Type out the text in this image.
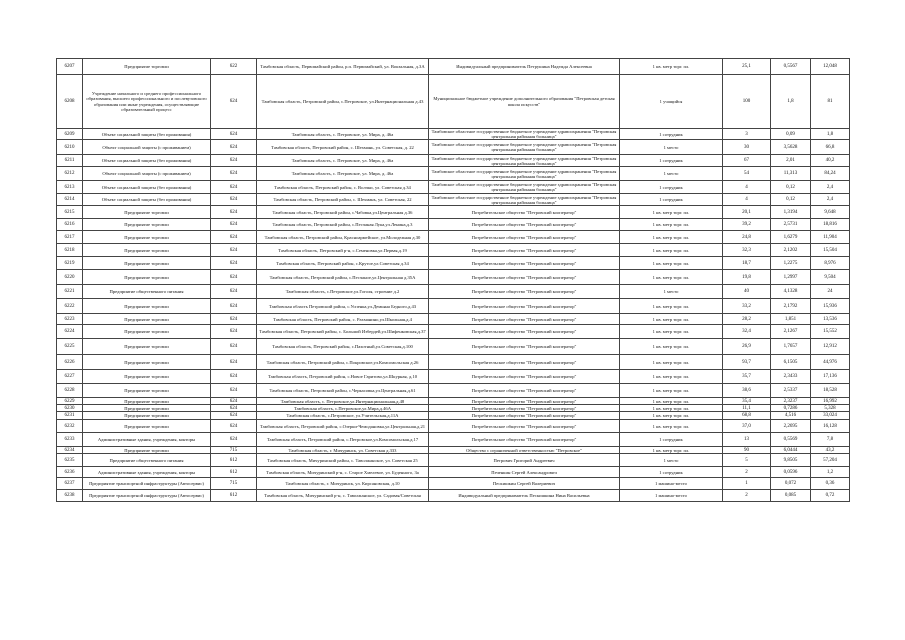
6207	Предприятие торговли	622	Тамбовская область, Первомайский район, р.п. Первомайский, ул. Вокзальная, д.3А	Индивидуальный предприниматель Петрушина Надежда Алексеевна	1 кв. метр торг. пл.	25,1	0,5567	12,048
6208	Учреждение начального и среднего профессионального образования, высшего профессионального и послевузовского образования или иные учреждения, осуществляющие образовательный процесс	624	Тамбовская область, Петровский район, с.Петровское, ул.Интернациональная д.43	Муниципальное бюджетное учреждение дополнительного образования "Петровская детская школа искусств"	1 учащийся	100	1,8	81
6209	Объект социальной защиты (без проживания)	624	Тамбовская область, с. Петровское, ул. Мира, д. 46а	Тамбовское областное государственное бюджетное учреждение здравоохранения "Петровская центральная районная больница"	1 сотрудник	3	0,09	1,8
6210	Объект социальной защиты (с проживанием)	624	Тамбовская область, Петровский район, с. Шехмань, ул. Советская, д. 22	Тамбовское областное государственное бюджетное учреждение здравоохранения "Петровская центральная районная больница"	1 место	30	3,5628	66,8
6211	Объект социальной защиты (без проживания)	624	Тамбовская область, с. Петровское, ул. Мира, д. 46а	Тамбовское областное государственное бюджетное учреждение здравоохранения "Петровская центральная районная больница"	1 сотрудник	67	2,01	40,2
6212	Объект социальной защиты (с проживанием)	624	Тамбовская область, с. Петровское, ул. Мира, д. 46а	Тамбовское областное государственное бюджетное учреждение здравоохранения "Петровская центральная районная больница"	1 место	54	11,313	84,24
6213	Объект социальной защиты (без проживания)	624	Тамбовская область, Петровский район, с. Волчки, ул. Советская д.34	Тамбовское областное государственное бюджетное учреждение здравоохранения "Петровская центральная районная больница"	1 сотрудник	4	0,12	2,4
6214	Объект социальной защиты (без проживания)	624	Тамбовская область, Петровский район, с. Шехмань, ул. Советская, 22	Тамбовское областное государственное бюджетное учреждение здравоохранения "Петровская центральная районная больница"	1 сотрудник	4	0,12	2,4
6215	Предприятие торговли	624	Тамбовская область, Петровский район, с.Чабовка,ул.Центральная д.36	Потребительское общество "Петровский кооператор"	1 кв. метр торг. пл.	20,1	1,3194	9,648
6216	Предприятие торговли	624	Тамбовская область, Петровский район, с.Песчаная Лука,ул.Ленина,д.3	Потребительское общество "Петровский кооператор"	1 кв. метр торг. пл.	39,2	2,5731	18,816
6217	Предприятие торговли	624	Тамбовская область, Петровский район, Красноармейское, ул.Молодежная д.30	Потребительское общество "Петровский кооператор"	1 кв. метр торг. пл.	24,8	1,6279	11,904
6218	Предприятие торговли	624	Тамбовская область, Петровский р-н, с.Семеновка,ул.Первая,д.19	Потребительское общество "Петровский кооператор"	1 кв. метр торг. пл.	32,3	2,1202	15,504
6219	Предприятие торговли	624	Тамбовская область, Петровский район, с.Крутое,ул.Советская д.34	Потребительское общество "Петровский кооператор"	1 кв. метр торг. пл.	18,7	1,2275	8,976
6220	Предприятие торговли	624	Тамбовская область, Петровский район, с.Песчаное,ул.Центральная д.35А	Потребительское общество "Петровский кооператор"	1 кв. метр торг. пл.	19,8	1,2997	9,504
6221	Предприятие общественного питания	624	Тамбовская область, с.Петровское,ул.Гоголя, строение д.2	Потребительское общество "Петровский кооператор"	1 место	40	4,1328	24
6222	Предприятие торговли	624	Тамбовская область Петровский район, с.Успенка,ул.Демьяна Бедного,д.43	Потребительское общество "Петровский кооператор"	1 кв. метр торг. пл.	33,2	2,1792	15,936
6223	Предприятие торговли	624	Тамбовская область, Петровский район, с. Рахманино,ул.Школьная,д.4	Потребительское общество "Петровский кооператор"	1 кв. метр торг. пл.	28,2	1,851	13,536
6224	Предприятие торговли	624	Тамбовская область, Петровский район, с. Большой Избердей,ул.Шифенковская,д.37	Потребительское общество "Петровский кооператор"	1 кв. метр торг. пл.	32,4	2,1267	15,552
6225	Предприятие торговли	624	Тамбовская область, Петровский район, с.Пахотный,ул.Советская,д.100	Потребительское общество "Петровский кооператор"	1 кв. метр торг. пл.	26,9	1,7657	12,912
6226	Предприятие торговли	624	Тамбовская область, Петровский район, с.Покровское,ул.Комсомольская д.26	Потребительское общество "Петровский кооператор"	1 кв. метр торг. пл.	93,7	6,1505	44,976
6227	Предприятие торговли	624	Тамбовская область, Петровский район, с.Новое Гаритово,ул.Шкурная, д.10	Потребительское общество "Петровский кооператор"	1 кв. метр торг. пл.	35,7	2,3433	17,136
6228	Предприятие торговли	624	Тамбовская область, Петровский район, с.Черкасовка,ул.Центральная,д.61	Потребительское общество "Петровский кооператор"	1 кв. метр торг. пл.	38,6	2,5337	18,528
6229	Предприятие торговли	624	Тамбовская область, с. Петровское,ул.Интернациональная,д.48	Потребительское общество "Петровский кооператор"	1 кв. метр торг. пл.	35,4	2,3237	16,992
6230	Предприятие торговли	624	Тамбовская область, с.Петровское,ул.Мира,д.46А	Потребительское общество "Петровский кооператор"	1 кв. метр торг. пл.	11,1	0,7286	5,328
6231	Предприятие торговли	624	Тамбовская область, с.Петровское, ул.Учительская,д.11А	Потребительское общество "Петровский кооператор"	1 кв. метр торг. пл.	68,8	4,516	33,024
6232	Предприятие торговли	624	Тамбовская область, Петровский район, с.Озерки-Чемодановка,ул.Центральная,д.21	Потребительское общество "Петровский кооператор"	1 кв. метр торг. пл.	37,0	2,2695	16,128
6233	Административные здания, учреждения, конторы	624	Тамбовская область, Петровский район, с.Петровское,ул.Комсомольская,д.17	Потребительское общество "Петровский кооператор"	1 сотрудник	13	0,5569	7,8
6234	Предприятие торговли	715	Тамбовская область, г. Мичуринск, ул. Советская д.333	Общество с ограниченной ответственностью "Петровское"	1 кв. метр торг. пл.	90	6,0444	43,2
6235	Предприятие общественного питания	612	Тамбовская область, Мичуринский район, с. Таволжанское, ул. Советская 25	Петрович Григорий Андреевич	1 место	5	9,8505	57,204
6236	Административные здания, учреждения, конторы	612	Тамбовская область, Мичуринский р-н, с. Старое Хмелевое, ул. Буденного, 3а	Печенкин Сергей Александрович	1 сотрудник	2	0,0596	1,2
6237	Предприятие транспортной инфраструктуры (Автосервис)	715	Тамбовская область, г. Мичуринск, ул. Кирсановская, д.10	Пескишкин Сергей Валериевич	1 машино-место	1	0,072	0,36
6238	Предприятие транспортной инфраструктуры (Автосервис)	612	Тамбовская область, Мичуринский р-н, с. Таволжанское, ул. Садовая/Советская	Индивидуальный предприниматель Пескишкина Нина Васильевна	1 машино-место	2	0,085	0,72
